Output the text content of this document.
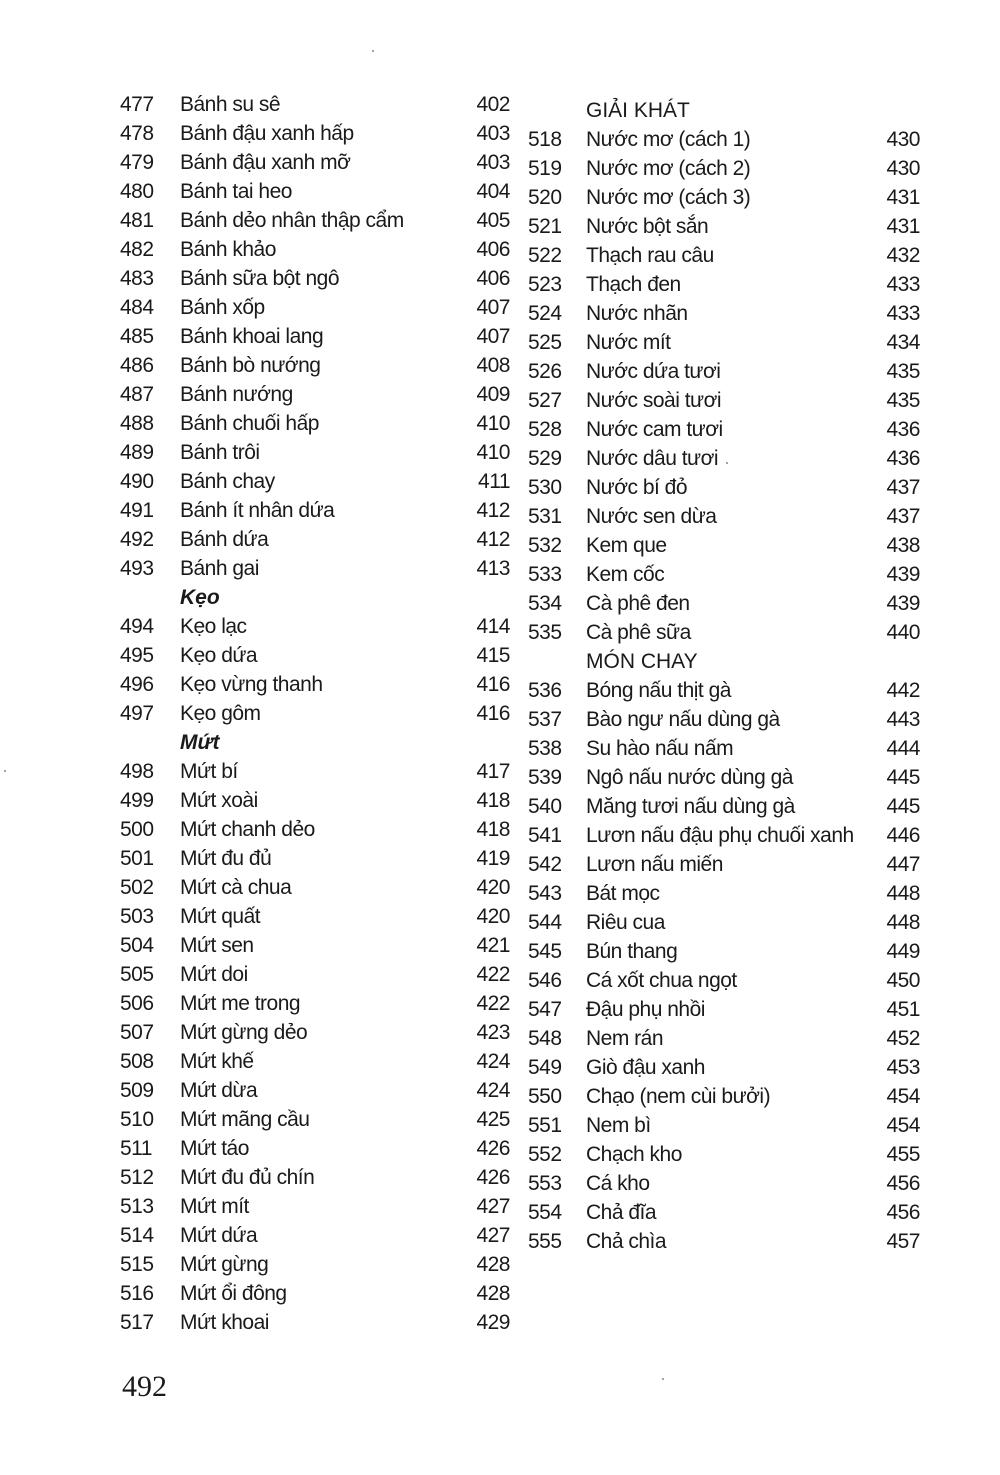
477 Bánh su sê	402
478 Bánh đậu xanh hấp	403
479 Bánh đậu xanh mỡ	403
480 Bánh tai heo	404
481 Bánh dẻo nhân thập cẩm	405
482 Bánh khảo	406
483 Bánh sữa bột ngô	406
484 Bánh xốp	407
485 Bánh khoai lang	407
486 Bánh bò nướng	408
487 Bánh nướng	409
488 Bánh chuối hấp	410
489 Bánh trôi	410
490 Bánh chay	411
491 Bánh ít nhân dứa	412
492 Bánh dứa	412
493 Bánh gai	413
Kẹo
494 Kẹo lạc	414
495 Kẹo dứa	415
496 Kẹo vừng thanh	416
497 Kẹo gôm	416
Mứt
498 Mứt bí	417
499 Mứt xoài	418
500 Mứt chanh dẻo	418
501 Mứt đu đủ	419
502 Mứt cà chua	420
503 Mứt quất	420
504 Mứt sen	421
505 Mứt doi	422
506 Mứt me trong	422
507 Mứt gừng dẻo	423
508 Mứt khế	424
509 Mứt dừa	424
510 Mứt mãng cầu	425
511 Mứt táo	426
512 Mứt đu đủ chín	426
513 Mứt mít	427
514 Mứt dứa	427
515 Mứt gừng	428
516 Mứt ổi đông	428
517 Mứt khoai	429
GIẢI KHÁT
518 Nước mơ (cách 1)	430
519 Nước mơ (cách 2)	430
520 Nước mơ (cách 3)	431
521 Nước bột sắn	431
522 Thạch rau câu	432
523 Thạch đen	433
524 Nước nhãn	433
525 Nước mít	434
526 Nước dứa tươi	435
527 Nước soài tươi	435
528 Nước cam tươi	436
529 Nước dâu tươi	436
530 Nước bí đỏ	437
531 Nước sen dừa	437
532 Kem que	438
533 Kem cốc	439
534 Cà phê đen	439
535 Cà phê sữa	440
MÓN CHAY
536 Bóng nấu thịt gà	442
537 Bào ngư nấu dùng gà	443
538 Su hào nấu nấm	444
539 Ngô nấu nước dùng gà	445
540 Măng tươi nấu dùng gà	445
541 Lươn nấu đậu phụ chuối xanh 446
542 Lươn nấu miến	447
543 Bát mọc	448
544 Riêu cua	448
545 Bún thang	449
546 Cá xốt chua ngọt	450
547 Đậu phụ nhồi	451
548 Nem rán	452
549 Giò đậu xanh	453
550 Chạo (nem cùi bưởi)	454
551 Nem bì	454
552 Chạch kho	455
553 Cá kho	456
554 Chả đĩa	456
555 Chả chìa	457
492
